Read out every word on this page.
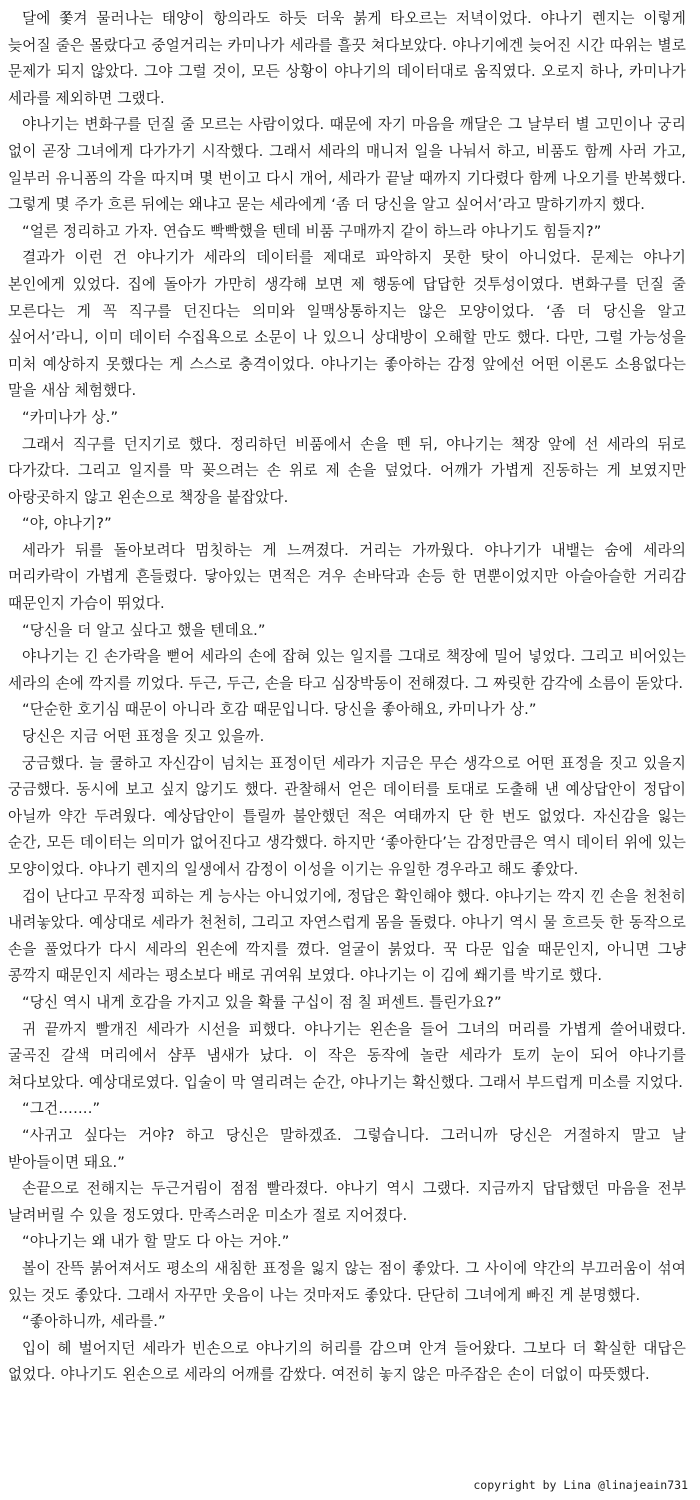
달에 쫓겨 물러나는 태양이 항의라도 하듯 더욱 붉게 타오르는 저녁이었다. 야나기 렌지는 이렇게 늦어질 줄은 몰랐다고 중얼거리는 카미나가 세라를 흘끗 쳐다보았다. 야나기에겐 늦어진 시간 따위는 별로 문제가 되지 않았다. 그야 그럴 것이, 모든 상황이 야나기의 데이터대로 움직였다. 오로지 하나, 카미나가 세라를 제외하면 그랬다.

야나기는 변화구를 던질 줄 모르는 사람이었다. 때문에 자기 마음을 깨달은 그 날부터 별 고민이나 궁리 없이 곧장 그녀에게 다가가기 시작했다. 그래서 세라의 매니저 일을 나눠서 하고, 비품도 함께 사러 가고, 일부러 유니폼의 각을 따지며 몇 번이고 다시 개어, 세라가 끝날 때까지 기다렸다 함께 나오기를 반복했다. 그렇게 몇 주가 흐른 뒤에는 왜냐고 묻는 세라에게 ‘좀 더 당신을 알고 싶어서’라고 말하기까지 했다.

“얼른 정리하고 가자. 연습도 빡빡했을 텐데 비품 구매까지 같이 하느라 야나기도 힘들지?”

결과가 이런 건 야나기가 세라의 데이터를 제대로 파악하지 못한 탓이 아니었다. 문제는 야나기 본인에게 있었다. 집에 돌아가 가만히 생각해 보면 제 행동에 답답한 것투성이였다. 변화구를 던질 줄 모른다는 게 꼭 직구를 던진다는 의미와 일맥상통하지는 않은 모양이었다. ‘좀 더 당신을 알고 싶어서’라니, 이미 데이터 수집욕으로 소문이 나 있으니 상대방이 오해할 만도 했다. 다만, 그럴 가능성을 미처 예상하지 못했다는 게 스스로 충격이었다. 야나기는 좋아하는 감정 앞에선 어떤 이론도 소용없다는 말을 새삼 체험했다.

“카미나가 상.”

그래서 직구를 던지기로 했다. 정리하던 비품에서 손을 뗀 뒤, 야나기는 책장 앞에 선 세라의 뒤로 다가갔다. 그리고 일지를 막 꽂으려는 손 위로 제 손을 덮었다. 어깨가 가볍게 진동하는 게 보였지만 아랑곳하지 않고 왼손으로 책장을 붙잡았다.

“야, 야나기?”

세라가 뒤를 돌아보려다 멈칫하는 게 느껴졌다. 거리는 가까웠다. 야나기가 내뱉는 숨에 세라의 머리카락이 가볍게 흔들렸다. 닿아있는 면적은 겨우 손바닥과 손등 한 면뿐이었지만 아슬아슬한 거리감 때문인지 가슴이 뛰었다.

“당신을 더 알고 싶다고 했을 텐데요.”

야나기는 긴 손가락을 뻗어 세라의 손에 잡혀 있는 일지를 그대로 책장에 밀어 넣었다. 그리고 비어있는 세라의 손에 깍지를 끼었다. 두근, 두근, 손을 타고 심장박동이 전해졌다. 그 짜릿한 감각에 소름이 돋았다.

“단순한 호기심 때문이 아니라 호감 때문입니다. 당신을 좋아해요, 카미나가 상.”

당신은 지금 어떤 표정을 짓고 있을까.

궁금했다. 늘 쿨하고 자신감이 넘치는 표정이던 세라가 지금은 무슨 생각으로 어떤 표정을 짓고 있을지 궁금했다. 동시에 보고 싶지 않기도 했다. 관찰해서 얻은 데이터를 토대로 도출해 낸 예상답안이 정답이 아닐까 약간 두려웠다. 예상답안이 틀릴까 불안했던 적은 여태까지 단 한 번도 없었다. 자신감을 잃는 순간, 모든 데이터는 의미가 없어진다고 생각했다. 하지만 ‘좋아한다’는 감정만큼은 역시 데이터 위에 있는 모양이었다. 야나기 렌지의 일생에서 감정이 이성을 이기는 유일한 경우라고 해도 좋았다.

겁이 난다고 무작정 피하는 게 능사는 아니었기에, 정답은 확인해야 했다. 야나기는 깍지 낀 손을 천천히 내려놓았다. 예상대로 세라가 천천히, 그리고 자연스럽게 몸을 돌렸다. 야나기 역시 물 흐르듯 한 동작으로 손을 풀었다가 다시 세라의 왼손에 깍지를 꼈다. 얼굴이 붉었다. 꾹 다문 입술 때문인지, 아니면 그냥 콩깍지 때문인지 세라는 평소보다 배로 귀여워 보였다. 야나기는 이 김에 쐐기를 박기로 했다.

“당신 역시 내게 호감을 가지고 있을 확률 구십이 점 칠 퍼센트. 틀린가요?”

귀 끝까지 빨개진 세라가 시선을 피했다. 야나기는 왼손을 들어 그녀의 머리를 가볍게 쓸어내렸다. 굴곡진 갈색 머리에서 샴푸 냄새가 났다. 이 작은 동작에 놀란 세라가 토끼 눈이 되어 야나기를 쳐다보았다. 예상대로였다. 입술이 막 열리려는 순간, 야나기는 확신했다. 그래서 부드럽게 미소를 지었다.

“그건…….”

“사귀고 싶다는 거야? 하고 당신은 말하겠죠. 그렇습니다. 그러니까 당신은 거절하지 말고 날 받아들이면 돼요.”

손끝으로 전해지는 두근거림이 점점 빨라졌다. 야나기 역시 그랬다. 지금까지 답답했던 마음을 전부 날려버릴 수 있을 정도였다. 만족스러운 미소가 절로 지어졌다.

“야나기는 왜 내가 할 말도 다 아는 거야.”

볼이 잔뜩 붉어져서도 평소의 새침한 표정을 잃지 않는 점이 좋았다. 그 사이에 약간의 부끄러움이 섞여 있는 것도 좋았다. 그래서 자꾸만 웃음이 나는 것마저도 좋았다. 단단히 그녀에게 빠진 게 분명했다.

“좋아하니까, 세라를.”

입이 헤 벌어지던 세라가 빈손으로 야나기의 허리를 감으며 안겨 들어왔다. 그보다 더 확실한 대답은 없었다. 야나기도 왼손으로 세라의 어깨를 감쌌다. 여전히 놓지 않은 마주잡은 손이 더없이 따뜻했다.

copyright by Lina @linajeain731
